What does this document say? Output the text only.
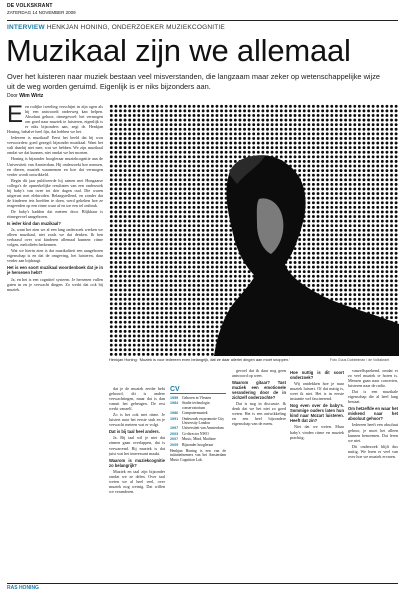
DE VOLKSKRANT
ZATERDAG 14 NOVEMBER 2009
INTERVIEW HENKJAN HONING, ONDERZOEKER MUZIEKCOGNITIE
Muzikaal zijn we allemaal
Over het luisteren naar muziek bestaan veel misverstanden, die langzaam maar zeker op wetenschappelijke wijze uit de weg worden geruimd. Eigenlijk is er niks bijzonders aan.
Door Wim Wirtz

Een rodijke tweeling verschijnt in zijn ogen als hij een antwoordt onderweg kan helpen. Absoluut gehoor, ritmegevoel: het vermogen om goed naar muziek te luisteren, eigenlijk is er niks bijzonders aan, zegt dr. Henkjan Honing, behalve heel fijn, dat hebben we het.

Iedereen is muzikaal! Eerst het beeld dat hij wou verwoorden: goed gezegd: bijzonder muzikaal. Want het valt daarbij niet mee, wat we hebben. We zijn muzikaal omdat we dat kunnen, niet omdat we het moeten.

Honing is bijzonder hoogleraar muziekcognitie aan de Universiteit van Amsterdam. Hij onderzoekt hoe mensen, en dieren, muziek waarnemen en hoe dat vermogen verder wordt ontwikkeld.

Begin dit jaar publiceerde hij samen met Hongaarse collega's de opmerkelijke resultaten van een onderzoek bij baby's van twee tot drie dagen oud. Die waren uitgerust met elektroden. Belangstellend, en zonder dat de kinderen iets hoefden te doen, werd gekeken hoe ze reageerden op een ritme waar af en toe een tel ontbrak.

De baby's hadden dat meteen door. Blijkbaar is ritmegevoel aangeboren.

Is ieder kind dan muzikaal?

Ja, want het zien we al een lang onderzoek werken we alleen muzikaal, niet zoals we dat denken. Ik ben verbaasd over wat kinderen allemaal kunnen: ritme volgen, melodieën herkennen.

Wat we hierin zien is dat muzikaliteit een aangeboren eigenschap is en dat de omgeving, het luisteren, daar verder aan bijdraagt.

Het is een soort muzikaal woordenboek dat je in je hersenen hebt?

Ja, en het is een cognitief systeem. Je hersenen vullen gaten in en je verwacht dingen. Zo werkt dat ook bij muziek.

Henkjan Honing: ‘Muziek is voor iedereen even belangrijk, dat ze daar allerlei dingen aan moet snoppen.’	Foto Guus Dubbelman / de Volkskrant

dat je de muziek eerder hebt gehoord, dit is andere verwachtingen, maar dat is dan vanuit het geheugen. De rest werkt vanzelf.

Zo is het ook met ritme. Je luistert naar het eerste stuk en je verwacht meteen wat er volgt.

Dat is bij taal heel anders.

Ja. Bij taal wil je niet dat zinnen gaan overlappen, dat is verwarrend. Bij muziek is dat juist wat het interessant maakt.

Waarom is muziekcognitie zo belangrijk?

Muziek en taal zijn bijzonder omdat we ze delen. Over taal weten we al heel veel, over muziek nog weinig. Dat willen we veranderen.

CV
1959	Geboren in Vleuten
1984	Studie technologie, conservatorium
1986	Computermuziek
1991	Onderzoek en promotie City University London
1997	Universiteit van Amsterdam
2003	Co-director NWO
2007	Music, Mind, Machine
2009	Bijzonder hoogleraar
Henkjan Honing is een van de initiatiefnemers van het Amsterdam Music Cognition Lab.

gevoel dat ik daar nog geen antwoord op weet.

Waarom gitaar? Tast muziek een emotionele verandering door de in zichzelf onderzochte?

Dat is nog in discussie. Ik denk dat we het niet zo goed weten. Het is een ontwikkeling en een heel bijzondere eigenschap van de mens.

Hoe nuttig is dit soort onderzoek?

Wij ontdekken hoe je naar muziek luistert. Of dat nuttig is, weet ik niet. Het is in eerste instantie wel fascinerend.

Nog even over de baby's. Sommige ouders laten hun kind naar Mozart luisteren. Heeft dat zin?

Niet dat we weten. Maar baby's vinden ritme en muziek prachtig.

vanzelfsprekend, omdat er zo veel muziek te horen is. Mensen gaan naar concerten, luisteren naar de radio.

Dat is een muzikale eigenschap die al heel lang bestaat.

Om hetzelfde en waar het miskend naar het absoluut gehoor?

Iedereen heeft een absoluut gehoor, je moet het alleen kunnen benoemen. Dat leren we niet.

Dit onderzoek blijft dus nuttig. We leren er veel van over hoe we muziek ervaren.

RAS HONING
